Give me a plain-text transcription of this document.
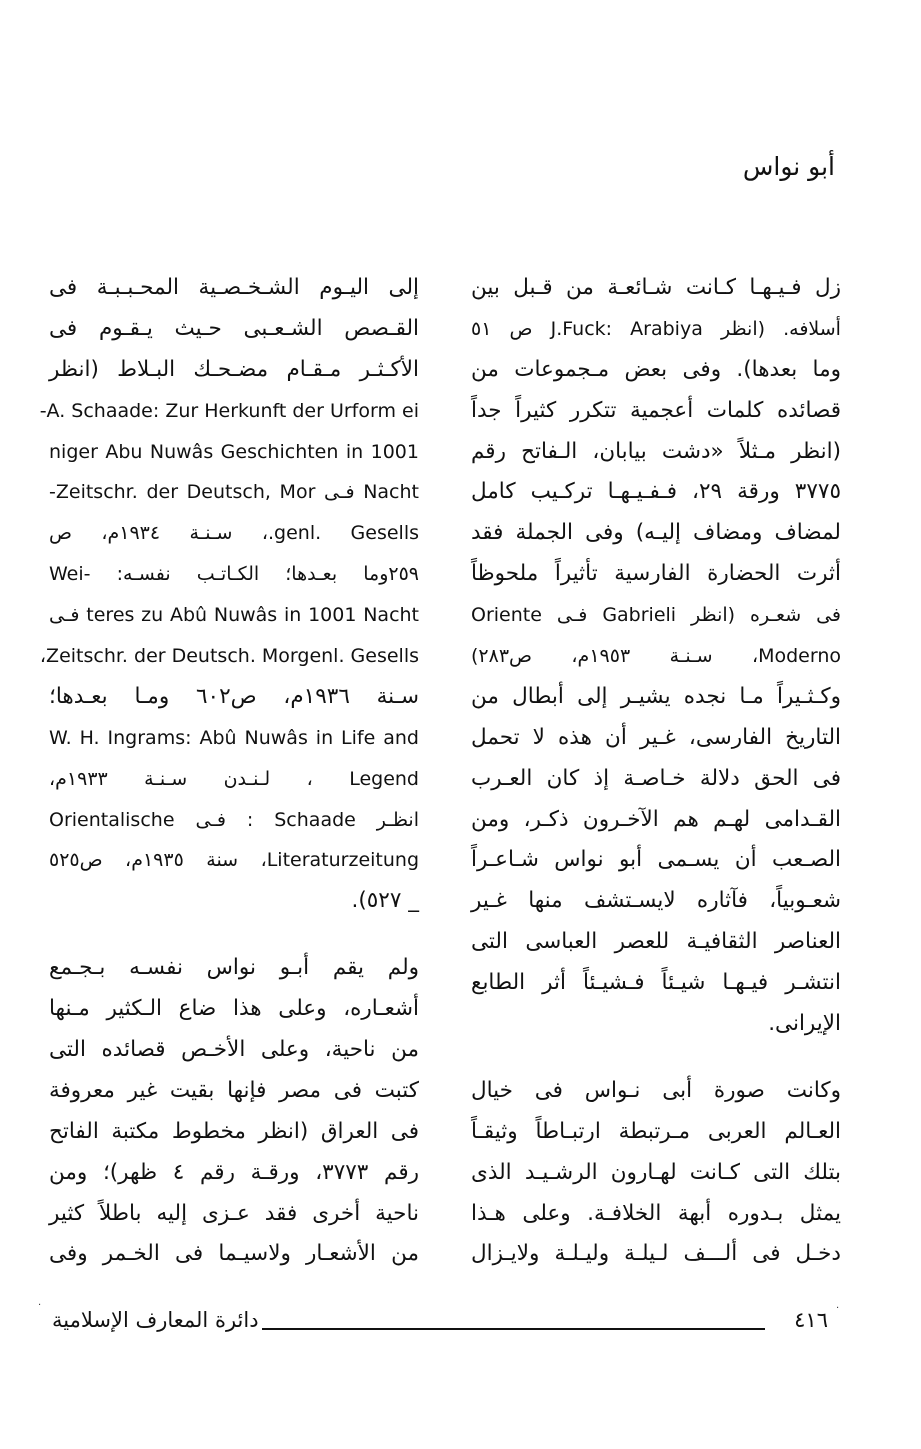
أبو نواس
زل فـيـهـا كـانت شـائعـة من قـبل بين
أسلافه. (انظر J.Fuck: Arabiya ص ٥١
وما بعدها). وفى بعض مـجموعات من
قصائده كلمات أعجمية تتكرر كثيراً جداً
(انظر مـثلاً «دشت بيابان، الـفاتح رقم
٣٧٧٥ ورقة ٢٩، فـفـيـهـا تركـيب كامل
لمضاف ومضاف إليـه) وفى الجملة فقد
أثرت الحضارة الفارسية تأثيراً ملحوظاً
فى شعـره (انظر Gabrieli فـى Oriente
Moderno، سـنـة ١٩٥٣م، ص٢٨٣)
وكـثـيراً مـا نجده يشيـر إلى أبطال من
التاريخ الفارسى، غـير أن هذه لا تحمل
فى الحق دلالة خـاصـة إذ كان العـرب
القـدامى لهـم هم الآخـرون ذكـر، ومن
الصـعب أن يسـمى أبو نواس شـاعـراً
شعـوبياً، فآثاره لايسـتشف منها غـير
العناصر الثقافيـة للعصر العباسى التى
انتشـر فيـهـا شيـئاً فـشيـئاً أثر الطابع
الإيرانى.
وكانت صورة أبى نـواس فى خيال
العـالم العربى مـرتبطة ارتبـاطاً وثيقـاً
بتلك التى كـانت لهـارون الرشـيـد الذى
يمثل بـدوره أبهة الخلافـة. وعلى هـذا
دخـل فى ألـــف لـيلـة وليـلـة ولايـزال
إلى اليـوم الشـخـصـية المحـبـبـة فى
القـصص الشـعـبى حـيث يـقـوم فى
الأكـثـر مـقـام مضـحـك البـلاط (انظر
A. Schaade: Zur Herkunft der Urform ei-
niger Abu Nuwâs Geschichten in 1001
Nacht فـى Zeitschr. der Deutsch, Mor-
genl. Gesells.، سـنـة ١٩٣٤م، ص
٢٥٩وما بعـدها؛ الكـاتـب نفسـه: -Wei
teres zu Abû Nuwâs in 1001 Nacht فـى
Zeitschr. der Deutsch. Morgenl. Gesells،
سـنة ١٩٣٦م، ص٦٠٢ ومـا بعـدها؛
W. H. Ingrams: Abû Nuwâs in Life and
Legend ، لـنـدن سـنـة ١٩٣٣م،
انظـر Schaade : فـى Orientalische
Literaturzeitung، سنة ١٩٣٥م، ص٥٢٥
_ ٥٢٧).
ولم يقم أبـو نواس نفسـه بـجـمع
أشعـاره، وعلى هذا ضاع الـكثير مـنها
من ناحية، وعلى الأخـص قصائده التى
كتبت فى مصر فإنها بقيت غير معروفة
فى العراق (انظر مخطوط مكتبة الفاتح
رقم ٣٧٧٣، ورقـة رقم ٤ ظهر)؛ ومن
ناحية أخرى فقد عـزى إليه باطلاً كثير
من الأشعـار ولاسيـما فى الخـمر وفى
دائرة المعارف الإسلامية	٤١٦
·	·
